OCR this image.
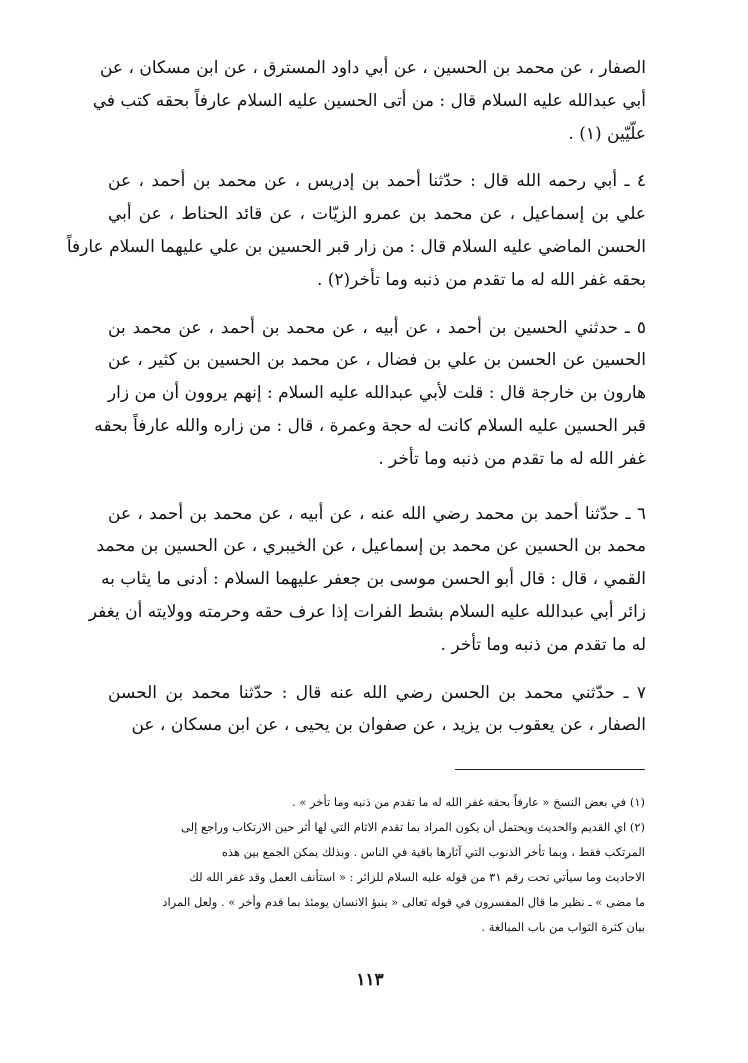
الصفار ، عن محمد بن الحسين ، عن أبي داود المسترق ، عن ابن مسكان ، عن
أبي عبدالله عليه السلام قال : من أتى الحسين عليه السلام عارفاً بحقه كتب في
علّيّين (١) .
٤ ـ أبي رحمه الله قال : حدّثنا أحمد بن إدريس ، عن محمد بن أحمد ، عن
علي بن إسماعيل ، عن محمد بن عمرو الزيّات ، عن قائد الحناط ، عن أبي
الحسن الماضي عليه السلام قال : من زار قبر الحسين بن علي عليهما السلام عارفاً
بحقه غفر الله له ما تقدم من ذنبه وما تأخر(٢) .
٥ ـ حدثني الحسين بن أحمد ، عن أبيه ، عن محمد بن أحمد ، عن محمد بن
الحسين عن الحسن بن علي بن فضال ، عن محمد بن الحسين بن كثير ، عن
هارون بن خارجة قال : قلت لأبي عبدالله عليه السلام : إنهم يروون أن من زار
قبر الحسين عليه السلام كانت له حجة وعمرة ، قال : من زاره والله عارفاً بحقه
غفر الله له ما تقدم من ذنبه وما تأخر .
٦ ـ حدّثنا أحمد بن محمد رضي الله عنه ، عن أبيه ، عن محمد بن أحمد ، عن
محمد بن الحسين عن محمد بن إسماعيل ، عن الخيبري ، عن الحسين بن محمد
القمي ، قال : قال أبو الحسن موسى بن جعفر عليهما السلام : أدنى ما يثاب به
زائر أبي عبدالله عليه السلام بشط الفرات إذا عرف حقه وحرمته وولايته أن يغفر
له ما تقدم من ذنبه وما تأخر .
٧ ـ حدّثني محمد بن الحسن رضي الله عنه قال : حدّثنا محمد بن الحسن
الصفار ، عن يعقوب بن يزيد ، عن صفوان بن يحيى ، عن ابن مسكان ، عن
(١) في بعض النسخ « عارفاً بحقه غفر الله له ما تقدم من ذنبه وما تأخر » .
(٢) اي القديم والحديث ويحتمل أن يكون المراد بما تقدم الاثام التي لها أثر حين الارتكاب وراجع إلى
المرتكب فقط ، وبما تأخر الذنوب التي آثارها باقية في الناس . وبذلك يمكن الجمع بين هذه
الاحاديث وما سيأتي تحت رقم ٣١ من قوله عليه السلام للزائر : « استأنف العمل وقد غفر الله لك
ما مضى » ـ نظير ما قال المفسرون في قوله تعالى « ينبؤ الانسان يومئذ بما قدم وأخر » . ولعل المراد
بيان كثرة الثواب من باب المبالغة .
١١٣
